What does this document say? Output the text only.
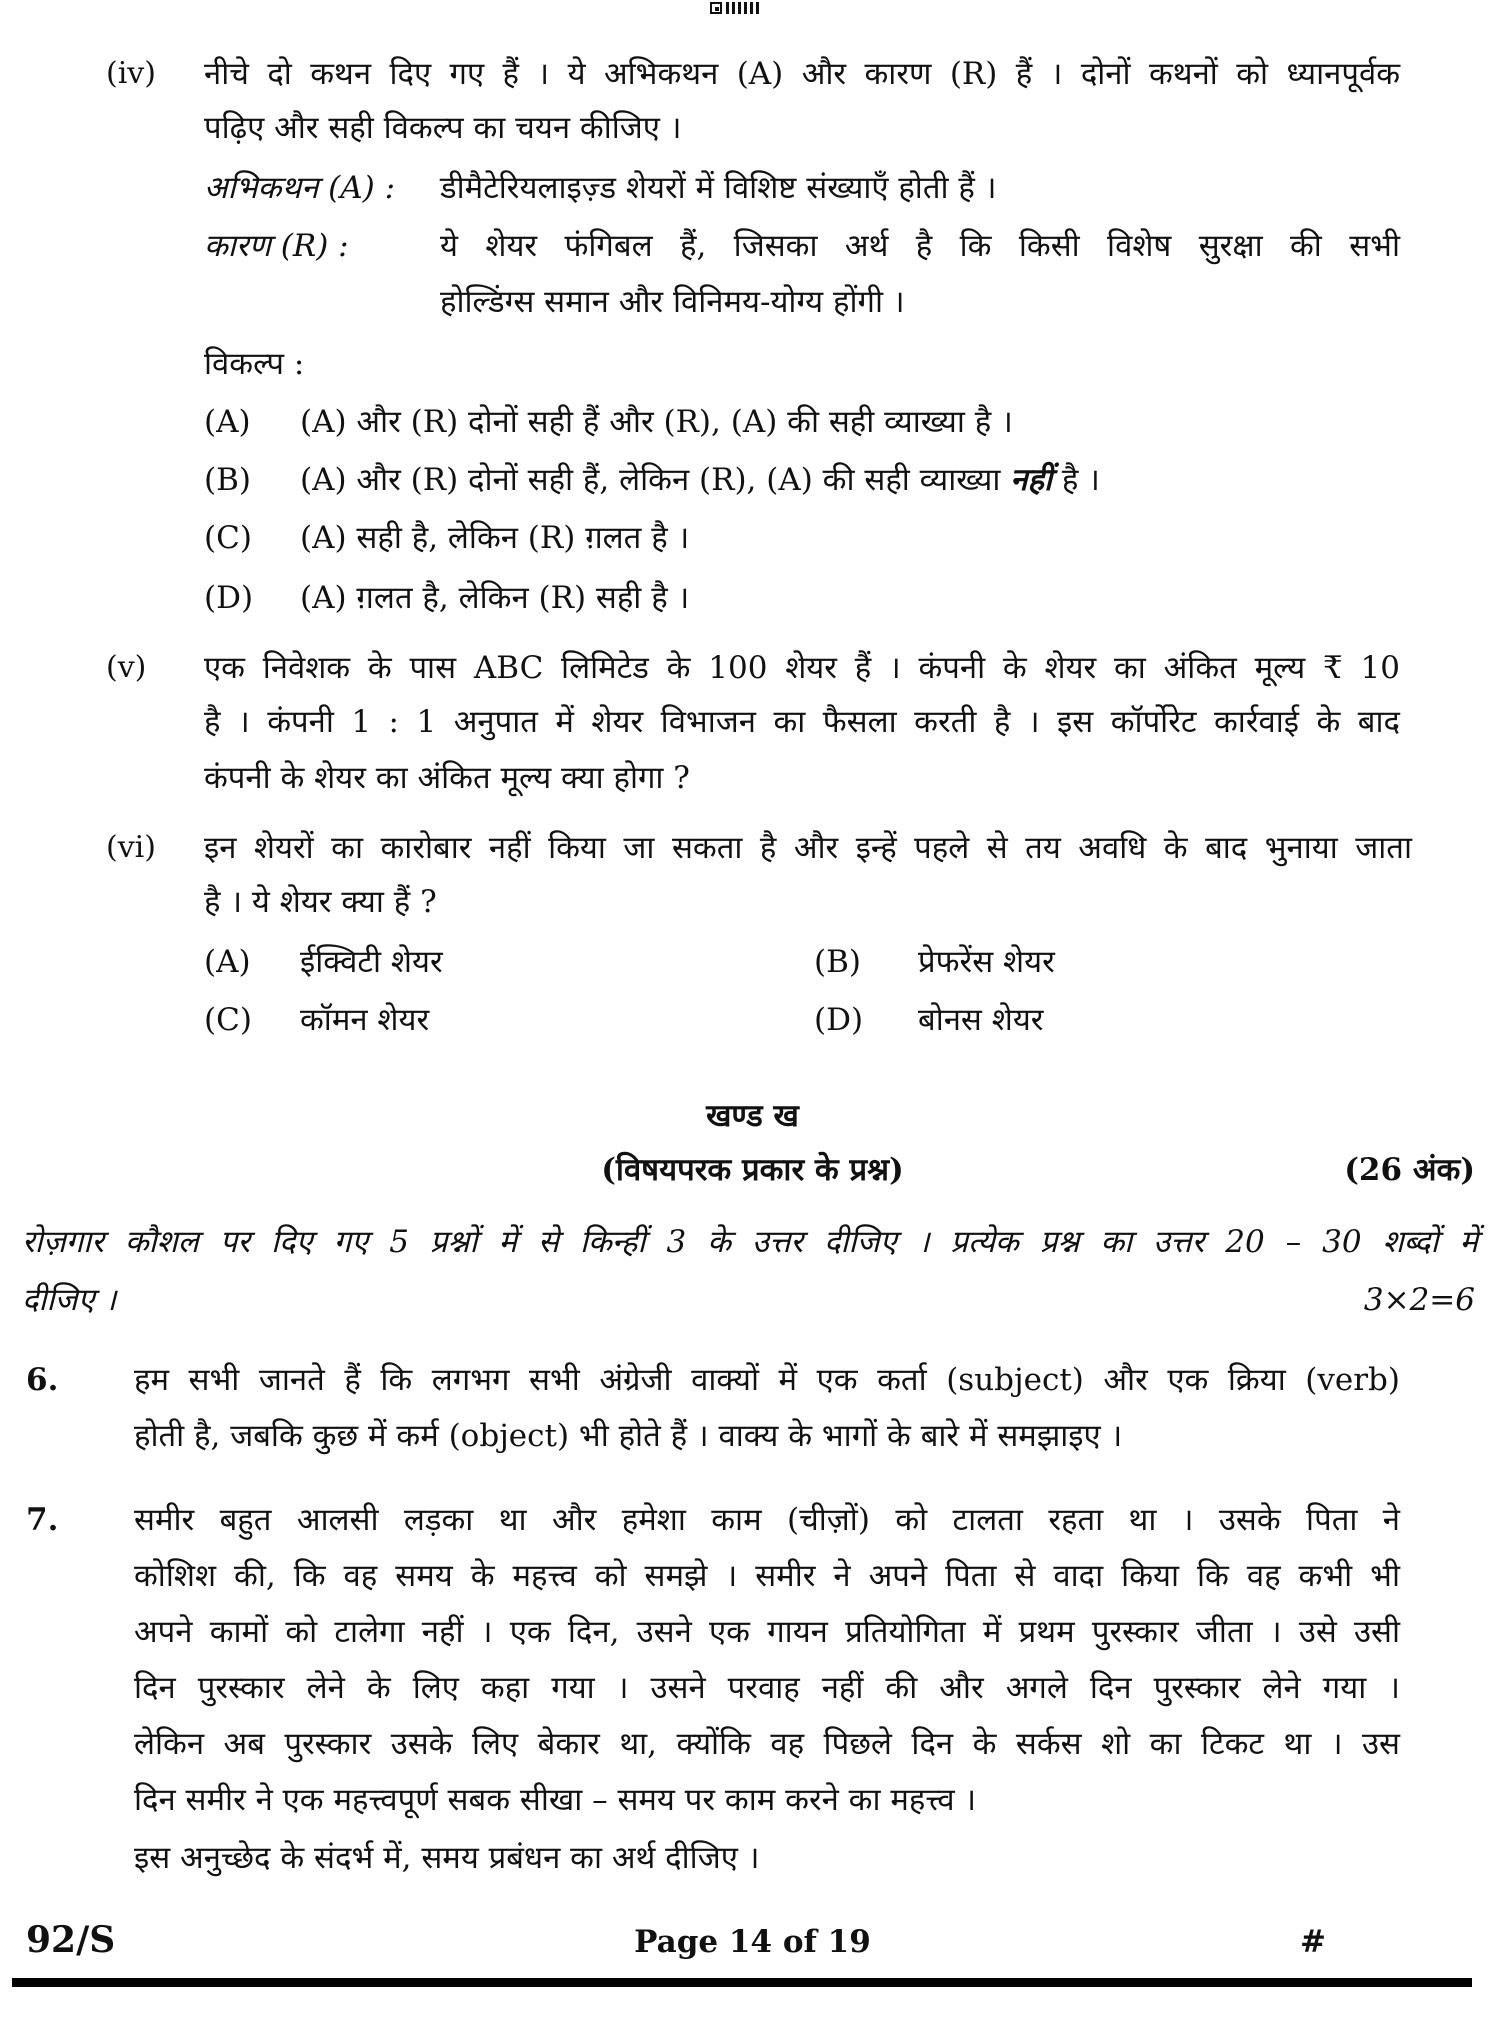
(iv) नीचे दो कथन दिए गए हैं । ये अभिकथन (A) और कारण (R) हैं । दोनों कथनों को ध्यानपूर्वक
पढ़िए और सही विकल्प का चयन कीजिए ।
अभिकथन (A) : डीमैटेरियलाइज़्ड शेयरों में विशिष्ट संख्याएँ होती हैं ।
कारण (R) :	ये शेयर फंगिबल हैं, जिसका अर्थ है कि किसी विशेष सुरक्षा की सभी
होल्डिंग्स समान और विनिमय-योग्य होंगी ।
विकल्प :
(A) (A) और (R) दोनों सही हैं और (R), (A) की सही व्याख्या है ।
(B) (A) और (R) दोनों सही हैं, लेकिन (R), (A) की सही व्याख्या नहीं है ।
(C) (A) सही है, लेकिन (R) ग़लत है ।
(D) (A) ग़लत है, लेकिन (R) सही है ।
(v) एक निवेशक के पास ABC लिमिटेड के 100 शेयर हैं । कंपनी के शेयर का अंकित मूल्य ₹ 10
है । कंपनी 1 : 1 अनुपात में शेयर विभाजन का फैसला करती है । इस कॉर्पोरेट कार्रवाई के बाद
कंपनी के शेयर का अंकित मूल्य क्या होगा ?
(vi) इन शेयरों का कारोबार नहीं किया जा सकता है और इन्हें पहले से तय अवधि के बाद भुनाया जाता
है । ये शेयर क्या हैं ?
(A) ईक्विटी शेयर	(B) प्रेफरेंस शेयर
(C) कॉमन शेयर	(D) बोनस शेयर
खण्ड ख
(विषयपरक प्रकार के प्रश्न)	(26 अंक)
रोज़गार कौशल पर दिए गए 5 प्रश्नों में से किन्हीं 3 के उत्तर दीजिए । प्रत्येक प्रश्न का उत्तर 20 – 30 शब्दों में
दीजिए ।	3×2=6
6. हम सभी जानते हैं कि लगभग सभी अंग्रेजी वाक्यों में एक कर्ता (subject) और एक क्रिया (verb)
होती है, जबकि कुछ में कर्म (object) भी होते हैं । वाक्य के भागों के बारे में समझाइए ।
7. समीर बहुत आलसी लड़का था और हमेशा काम (चीज़ों) को टालता रहता था । उसके पिता ने
कोशिश की, कि वह समय के महत्त्व को समझे । समीर ने अपने पिता से वादा किया कि वह कभी भी
अपने कामों को टालेगा नहीं । एक दिन, उसने एक गायन प्रतियोगिता में प्रथम पुरस्कार जीता । उसे उसी
दिन पुरस्कार लेने के लिए कहा गया । उसने परवाह नहीं की और अगले दिन पुरस्कार लेने गया ।
लेकिन अब पुरस्कार उसके लिए बेकार था, क्योंकि वह पिछले दिन के सर्कस शो का टिकट था । उस
दिन समीर ने एक महत्त्वपूर्ण सबक सीखा – समय पर काम करने का महत्त्व ।
इस अनुच्छेद के संदर्भ में, समय प्रबंधन का अर्थ दीजिए ।
92/S	Page 14 of 19	#
